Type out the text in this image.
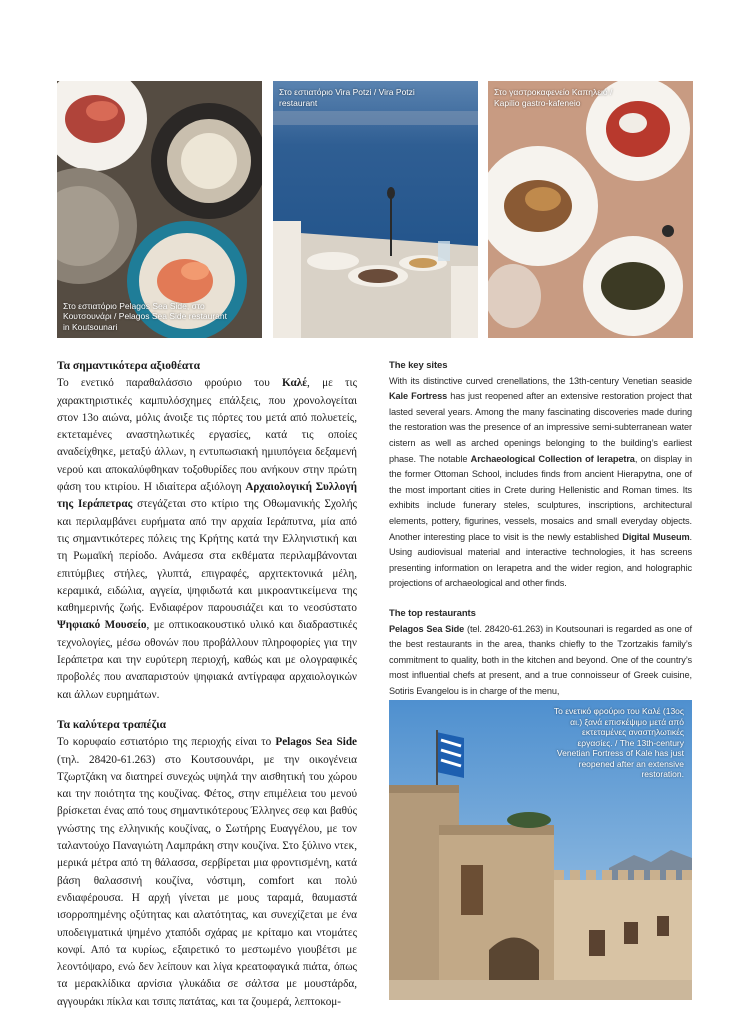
Στο εστιατόριο Pelagos Sea Side, στο Κουτσουνάρι / Pelagos Sea Side restaurant in Koutsounari
Στο εστιατόριο Vira Potzi / Vira Potzi restaurant
Στο γαστροκαφενείο Καπηλειό / Kapilio gastro-kafeneio
Τα σημαντικότερα αξιοθέατα

Το ενετικό παραθαλάσσιο φρούριο του Καλέ, με τις χαρακτηριστικές καμπυλόσχημες επάλξεις, που χρονολογείται στον 13ο αιώνα, μόλις άνοιξε τις πόρτες του μετά από πολυετείς, εκτεταμένες αναστηλωτικές εργασίες, κατά τις οποίες αναδείχθηκε, μεταξύ άλλων, η εντυπωσιακή ημιυπόγεια δεξαμενή νερού και αποκαλύφθηκαν τοξοθυρίδες που ανήκουν στην πρώτη φάση του κτιρίου. Η ιδιαίτερα αξιόλογη Αρχαιολογική Συλλογή της Ιεράπετρας στεγάζεται στο κτίριο της Οθωμανικής Σχολής και περιλαμβάνει ευρήματα από την αρχαία Ιεράπυτνα, μία από τις σημαντικότερες πόλεις της Κρήτης κατά την Ελληνιστική και τη Ρωμαϊκή περίοδο. Ανάμεσα στα εκθέματα περιλαμβάνονται επιτύμβιες στήλες, γλυπτά, επιγραφές, αρχιτεκτονικά μέλη, κεραμικά, ειδώλια, αγγεία, ψηφιδωτά και μικροαντικείμενα της καθημερινής ζωής. Ενδιαφέρον παρουσιάζει και το νεοσύστατο Ψηφιακό Μουσείο, με οπτικοακουστικό υλικό και διαδραστικές τεχνολογίες, μέσω οθονών που προβάλλουν πληροφορίες για την Ιεράπετρα και την ευρύτερη περιοχή, καθώς και με ολογραφικές προβολές που αναπαριστούν ψηφιακά αντίγραφα αρχαιολογικών και άλλων ευρημάτων.

Τα καλύτερα τραπέζια

Το κορυφαίο εστιατόριο της περιοχής είναι το Pelagos Sea Side (τηλ. 28420-61.263) στο Κουτσουνάρι, με την οικογένεια Τζωρτζάκη να διατηρεί συνεχώς υψηλά την αισθητική του χώρου και την ποιότητα της κουζίνας. Φέτος, στην επιμέλεια του μενού βρίσκεται ένας από τους σημαντικότερους Έλληνες σεφ και βαθύς γνώστης της ελληνικής κουζίνας, ο Σωτήρης Ευαγγέλου, με τον ταλαντούχο Παναγιώτη Λαμπράκη στην κουζίνα. Στο ξύλινο ντεκ, μερικά μέτρα από τη θάλασσα, σερβίρεται μια φροντισμένη, κατά βάση θαλασσινή κουζίνα, νόστιμη, comfort και πολύ ενδιαφέρουσα. Η αρχή γίνεται με μους ταραμά, θαυμαστά ισορροπημένης οξύτητας και αλατότητας, και συνεχίζεται με ένα υποδειγματικά ψημένο χταπόδι σχάρας με κρίταμο και ντομάτες κονφί. Από τα κυρίως, εξαιρετικό το μεστωμένο γιουβέτσι με λεοντόψαρο, ενώ δεν λείπουν και λίγα κρεατοφαγικά πιάτα, όπως τα μερακλίδικα αρνίσια γλυκάδια σε σάλτσα με μουστάρδα, αγγουράκι πίκλα και τσιπς πατάτας, και τα ζουμερά, λεπτοκομ-

The key sites

With its distinctive curved crenellations, the 13th-century Venetian seaside Kale Fortress has just reopened after an extensive restoration project that lasted several years. Among the many fascinating discoveries made during the restoration was the presence of an impressive semi-subterranean water cistern as well as arched openings belonging to the building’s earliest phase. The notable Archaeological Collection of Ierapetra, on display in the former Ottoman School, includes finds from ancient Hierapytna, one of the most important cities in Crete during Hellenistic and Roman times. Its exhibits include funerary steles, sculptures, inscriptions, architectural elements, pottery, figurines, vessels, mosaics and small everyday objects. Another interesting place to visit is the newly established Digital Museum. Using audiovisual material and interactive technologies, it has screens presenting information on Ierapetra and the wider region, and holographic projections of archaeological and other finds.

The top restaurants

Pelagos Sea Side (tel. 28420-61.263) in Koutsounari is regarded as one of the best restaurants in the area, thanks chiefly to the Tzortzakis family’s commitment to quality, both in the kitchen and beyond. One of the country’s most influential chefs at present, and a true connoisseur of Greek cuisine, Sotiris Evangelou is in charge of the menu,

Το ενετικό φρούριο του Καλέ (13ος αι.) ξανά επισκέψιμο μετά από εκτεταμένες αναστηλωτικές εργασίες. / The 13th-century Venetian Fortress of Kale has just reopened after an extensive restoration.
